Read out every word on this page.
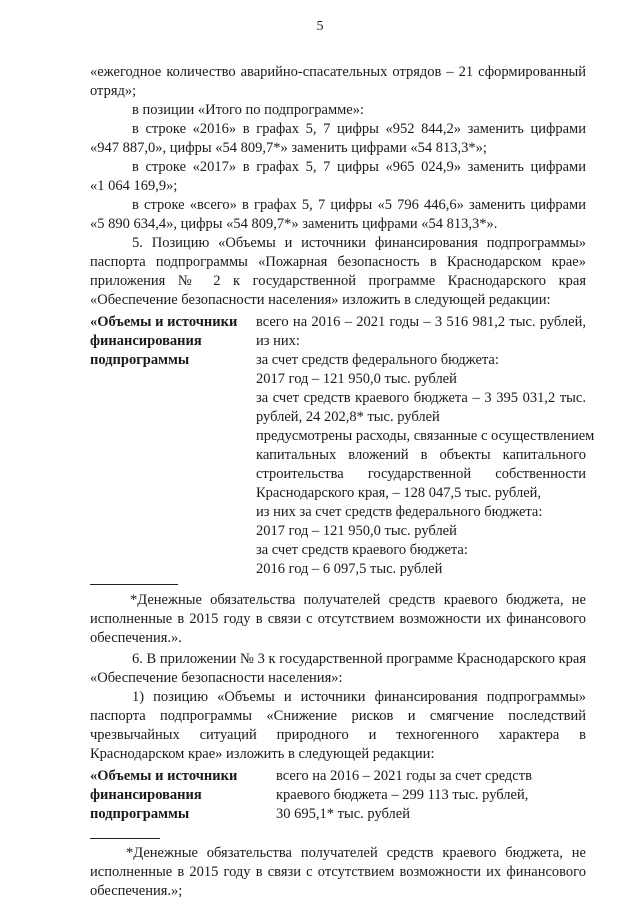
5
«ежегодное количество аварийно-спасательных отрядов – 21 сформированный
отряд»;
в позиции «Итого по подпрограмме»:
в строке «2016» в графах 5, 7 цифры «952 844,2» заменить цифрами
«947 887,0», цифры «54 809,7*» заменить цифрами «54 813,3*»;
в строке «2017» в графах 5, 7 цифры «965 024,9» заменить цифрами
«1 064 169,9»;
в строке «всего» в графах 5, 7 цифры «5 796 446,6» заменить цифрами
«5 890 634,4», цифры «54 809,7*» заменить цифрами «54 813,3*».
5. Позицию «Объемы и источники финансирования подпрограммы»
паспорта подпрограммы «Пожарная безопасность в Краснодарском крае»
приложения № 2 к государственной программе Краснодарского края
«Обеспечение безопасности населения» изложить в следующей редакции:
«Объемы и источники
финансирования
подпрограммы
всего на 2016 – 2021 годы – 3 516 981,2 тыс. рублей,
из них:
за счет средств федерального бюджета:
2017 год – 121 950,0 тыс. рублей
за счет средств краевого бюджета – 3 395 031,2 тыс.
рублей, 24 202,8* тыс. рублей
предусмотрены расходы, связанные с осуществлением
капитальных вложений в объекты капитального
строительства государственной собственности
Краснодарского края, – 128 047,5 тыс. рублей,
из них за счет средств федерального бюджета:
2017 год – 121 950,0 тыс. рублей
за счет средств краевого бюджета:
2016 год – 6 097,5 тыс. рублей
*Денежные обязательства получателей средств краевого бюджета, не
исполненные в 2015 году в связи с отсутствием возможности их финансового
обеспечения.».
6. В приложении № 3 к государственной программе Краснодарского края
«Обеспечение безопасности населения»:
1) позицию «Объемы и источники финансирования подпрограммы»
паспорта подпрограммы «Снижение рисков и смягчение последствий
чрезвычайных ситуаций природного и техногенного характера в
Краснодарском крае» изложить в следующей редакции:
«Объемы и источники
финансирования
подпрограммы
всего на 2016 – 2021 годы за счет средств
краевого бюджета – 299 113 тыс. рублей,
30 695,1* тыс. рублей
*Денежные обязательства получателей средств краевого бюджета, не
исполненные в 2015 году в связи с отсутствием возможности их финансового
обеспечения.»;
